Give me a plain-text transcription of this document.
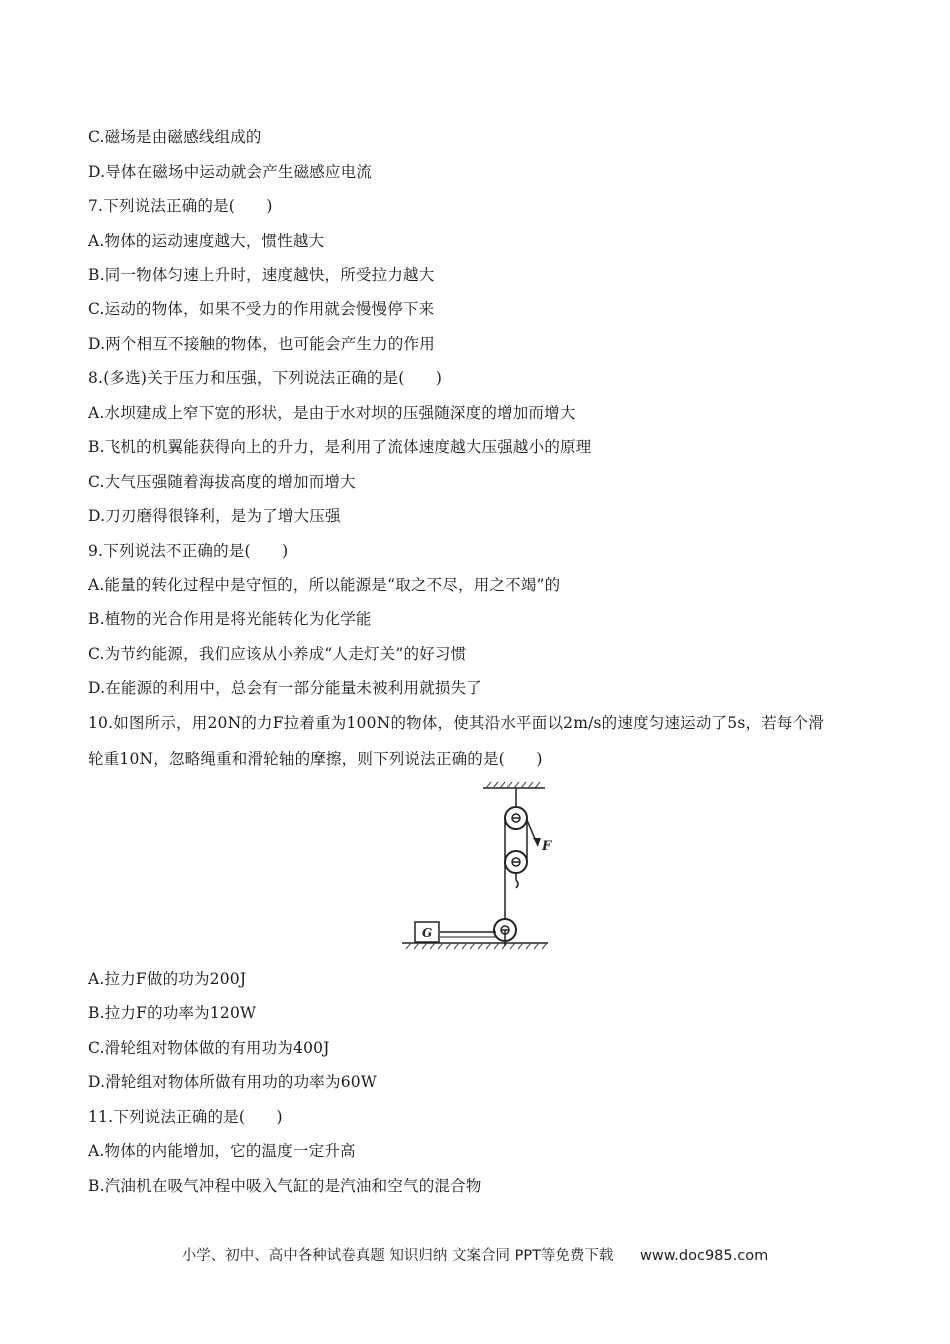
C.磁场是由磁感线组成的
D.导体在磁场中运动就会产生磁感应电流
7.下列说法正确的是(　　)
A.物体的运动速度越大，惯性越大
B.同一物体匀速上升时，速度越快，所受拉力越大
C.运动的物体，如果不受力的作用就会慢慢停下来
D.两个相互不接触的物体，也可能会产生力的作用
8.(多选)关于压力和压强，下列说法正确的是(　　)
A.水坝建成上窄下宽的形状，是由于水对坝的压强随深度的增加而增大
B.飞机的机翼能获得向上的升力，是利用了流体速度越大压强越小的原理
C.大气压强随着海拔高度的增加而增大
D.刀刃磨得很锋利，是为了增大压强
9.下列说法不正确的是(　　)
A.能量的转化过程中是守恒的，所以能源是“取之不尽，用之不竭”的
B.植物的光合作用是将光能转化为化学能
C.为节约能源，我们应该从小养成“人走灯关”的好习惯
D.在能源的利用中，总会有一部分能量未被利用就损失了
10.如图所示，用20N的力F拉着重为100N的物体，使其沿水平面以2m/s的速度匀速运动了5s，若每个滑
轮重10N，忽略绳重和滑轮轴的摩擦，则下列说法正确的是(　　)
F
G
A.拉力F做的功为200J
B.拉力F的功率为120W
C.滑轮组对物体做的有用功为400J
D.滑轮组对物体所做有用功的功率为60W
11.下列说法正确的是(　　)
A.物体的内能增加，它的温度一定升高
B.汽油机在吸气冲程中吸入气缸的是汽油和空气的混合物
小学、初中、高中各种试卷真题 知识归纳 文案合同 PPT等免费下载 www.doc985.com
